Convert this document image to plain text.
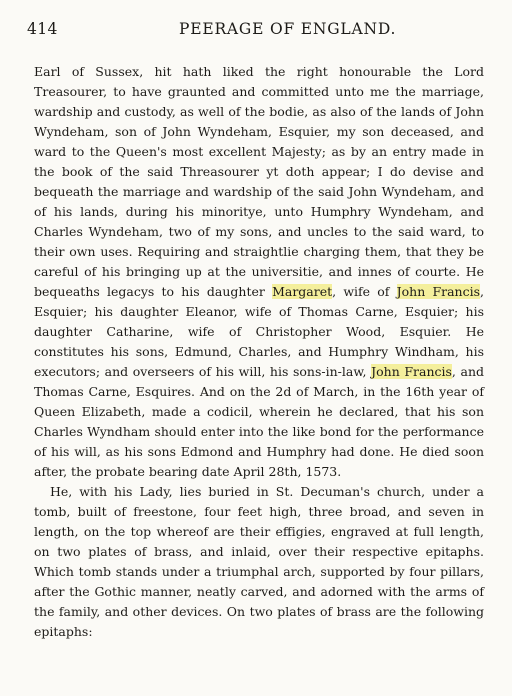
414	PEERAGE OF ENGLAND.

Earl of Sussex, hit hath liked the right honourable the Lord Treasourer, to have graunted and committed unto me the marriage, wardship and custody, as well of the bodie, as also of the lands of John Wyndeham, son of John Wyndeham, Esquier, my son deceased, and ward to the Queen's most excellent Majesty; as by an entry made in the book of the said Threasourer yt doth appear; I do devise and bequeath the marriage and wardship of the said John Wyndeham, and of his lands, during his minoritye, unto Humphry Wyndeham, and Charles Wyndeham, two of my sons, and uncles to the said ward, to their own uses. Requiring and straightlie charging them, that they be careful of his bringing up at the universitie, and innes of courte. He bequeaths legacys to his daughter Margaret, wife of John Francis, Esquier; his daughter Eleanor, wife of Thomas Carne, Esquier; his daughter Catharine, wife of Christopher Wood, Esquier. He constitutes his sons, Edmund, Charles, and Humphry Windham, his executors; and overseers of his will, his sons-in-law, John Francis, and Thomas Carne, Esquires. And on the 2d of March, in the 16th year of Queen Elizabeth, made a codicil, wherein he declared, that his son Charles Wyndham should enter into the like bond for the performance of his will, as his sons Edmond and Humphry had done. He died soon after, the probate bearing date April 28th, 1573.

He, with his Lady, lies buried in St. Decuman's church, under a tomb, built of freestone, four feet high, three broad, and seven in length, on the top whereof are their effigies, engraved at full length, on two plates of brass, and inlaid, over their respective epitaphs. Which tomb stands under a triumphal arch, supported by four pillars, after the Gothic manner, neatly carved, and adorned with the arms of the family, and other devices. On two plates of brass are the following epitaphs:
